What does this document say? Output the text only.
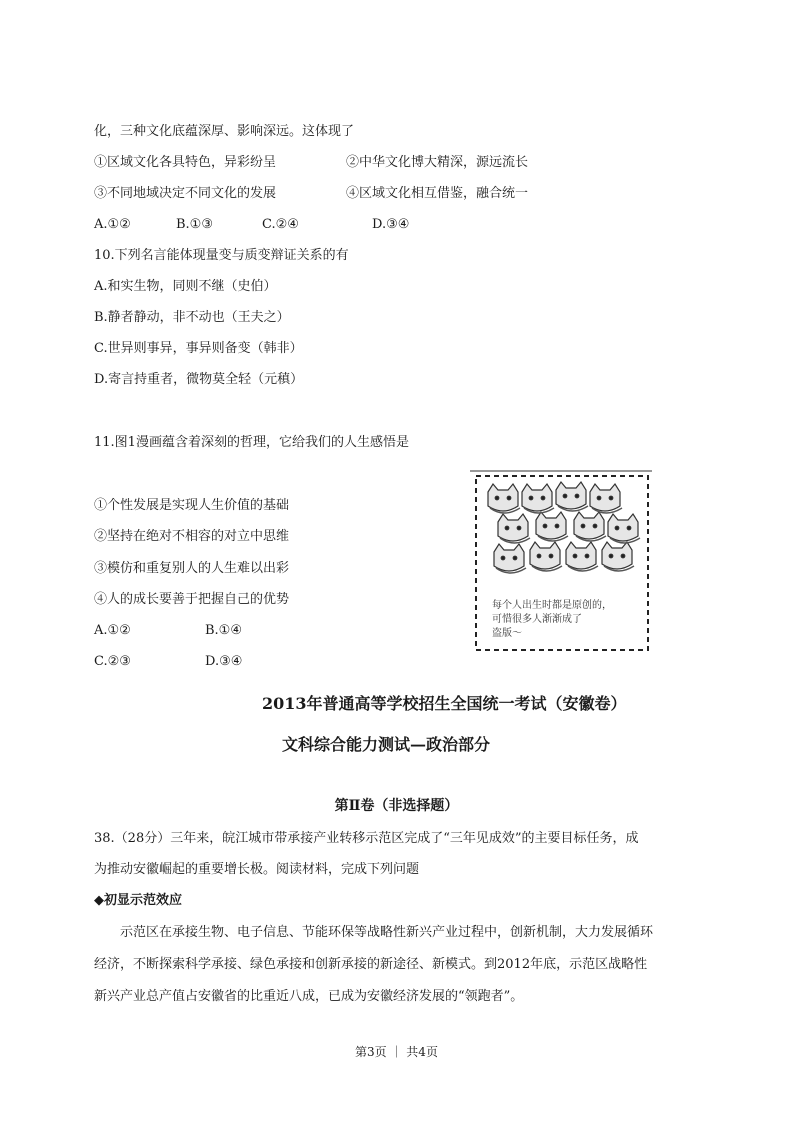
化，三种文化底蕴深厚、影响深远。这体现了
①区域文化各具特色，异彩纷呈	②中华文化博大精深，源远流长
③不同地域决定不同文化的发展	④区域文化相互借鉴，融合统一
A.①②	B.①③	C.②④	D.③④
10.下列名言能体现量变与质变辩证关系的有
A.和实生物，同则不继（史伯）
B.静者静动，非不动也（王夫之）
C.世异则事异，事异则备变（韩非）
D.寄言持重者，微物莫全轻（元稹）
11.图1漫画蕴含着深刻的哲理，它给我们的人生感悟是
①个性发展是实现人生价值的基础
②坚持在绝对不相容的对立中思维
③模仿和重复别人的人生难以出彩
④人的成长要善于把握自己的优势
A.①②	B.①④
C.②③	D.③④
每个人出生时都是原创的，
可惜很多人渐渐成了
盗版～
2013年普通高等学校招生全国统一考试（安徽卷）
文科综合能力测试—政治部分
第Ⅱ卷（非选择题）
38.（28分）三年来，皖江城市带承接产业转移示范区完成了“三年见成效”的主要目标任务，成
为推动安徽崛起的重要增长极。阅读材料，完成下列问题
◆初显示范效应
示范区在承接生物、电子信息、节能环保等战略性新兴产业过程中，创新机制，大力发展循环
经济，不断探索科学承接、绿色承接和创新承接的新途径、新模式。到2012年底，示范区战略性
新兴产业总产值占安徽省的比重近八成，已成为安徽经济发展的“领跑者”。
第3页 ｜ 共4页
